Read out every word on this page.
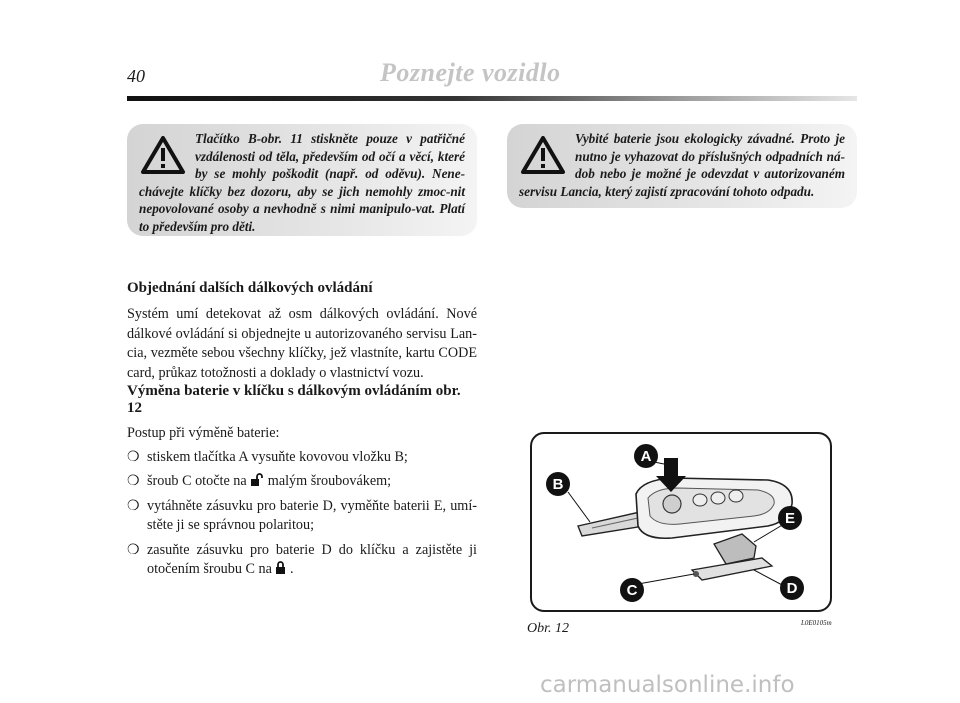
40	Poznejte vozidlo
Tlačítko B-obr. 11 stiskněte pouze v patřičné vzdálenosti od těla, především od očí a věcí, které by se mohly poškodit (např. od oděvu). Nene-chávejte klíčky bez dozoru, aby se jich nemohly zmoc-nit nepovolované osoby a nevhodně s nimi manipulo-vat. Platí to především pro děti.
Vybité baterie jsou ekologicky závadné. Proto je nutno je vyhazovat do příslušných odpadních ná-dob nebo je možné je odevzdat v autorizovaném servisu Lancia, který zajistí zpracování tohoto odpadu.
Objednání dalších dálkových ovládání

Systém umí detekovat až osm dálkových ovládání. Nové dálkové ovládání si objednejte u autorizovaného servisu Lan-cia, vezměte sebou všechny klíčky, jež vlastníte, kartu CODE card, průkaz totožnosti a doklady o vlastnictví vozu.

Výměna baterie v klíčku s dálkovým ovládáním obr. 12

Postup při výměně baterie:

❍ stiskem tlačítka A vysuňte kovovou vložku B;
❍ šroub C otočte na malým šroubovákem;
❍ vytáhněte zásuvku pro baterie D, vyměňte baterii E, umí-stěte ji se správnou polaritou;
❍ zasuňte zásuvku pro baterie D do klíčku a zajistěte ji otočením šroubu C na .
A
B
C	D
E
Obr. 12	L0E0105m
carmanualsonline.info
